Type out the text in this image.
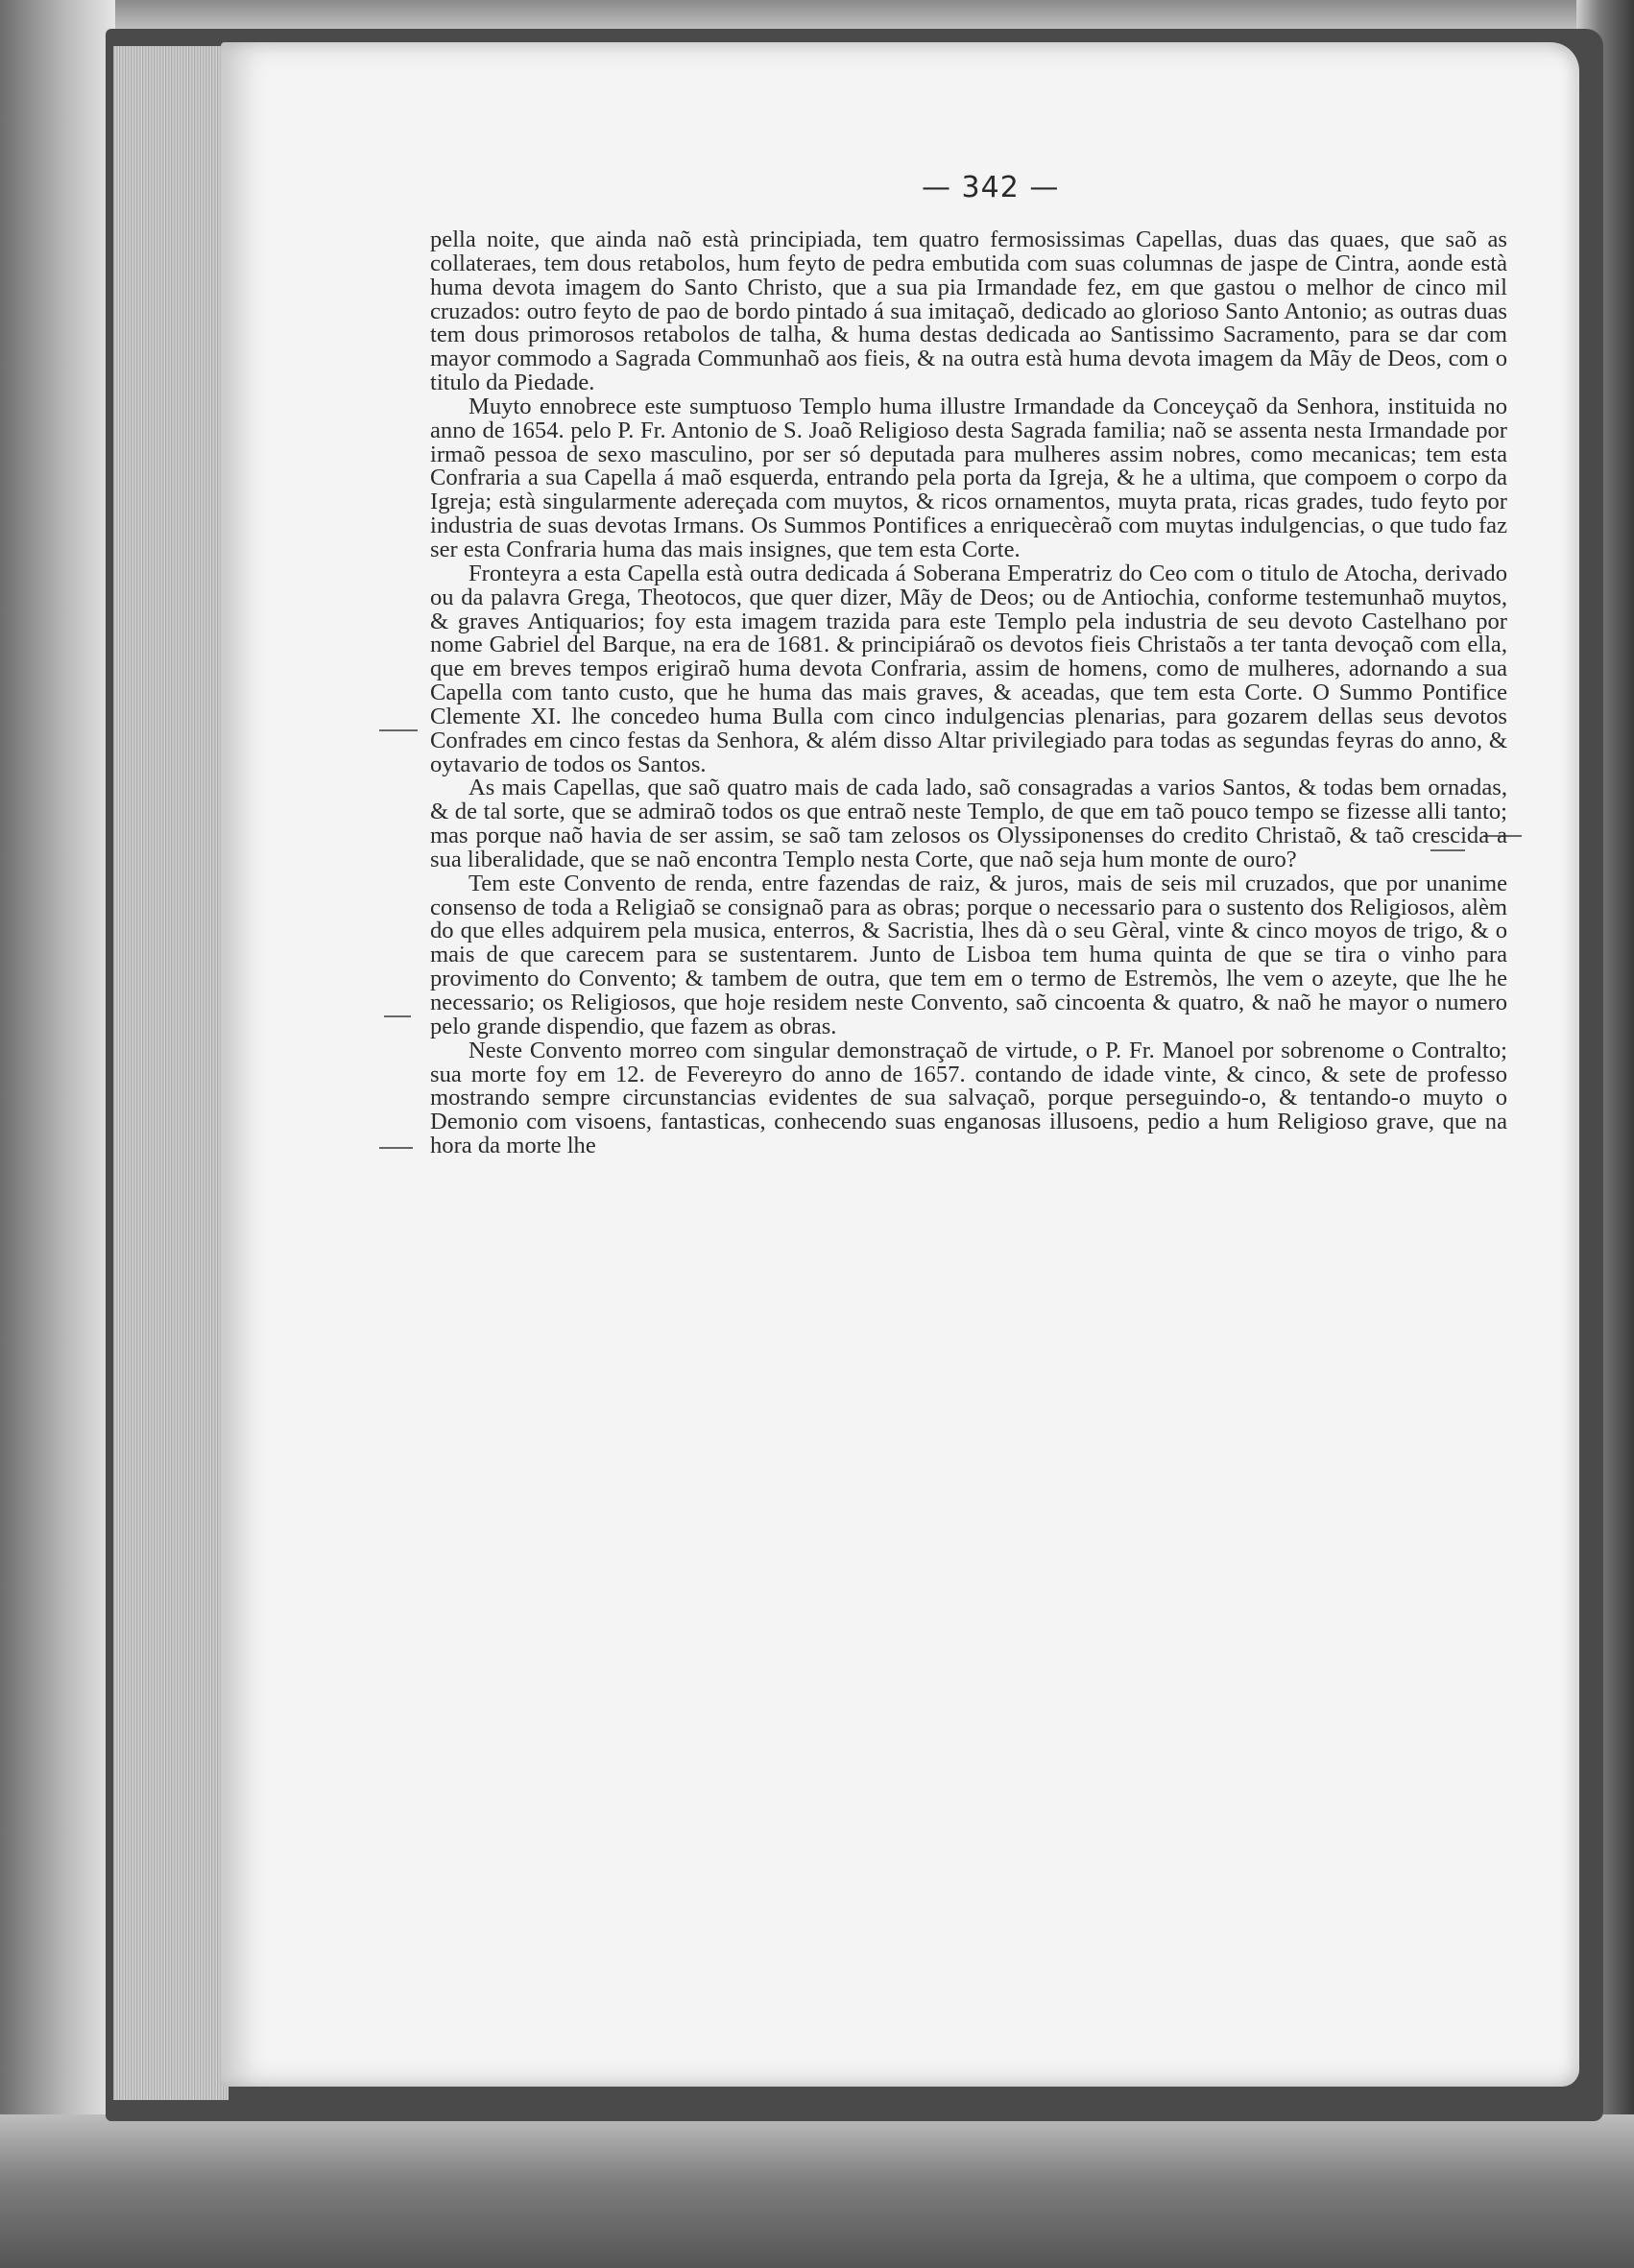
— 342 —

pella noite, que ainda naõ està principiada, tem quatro fermosissimas Capellas, duas das quaes, que saõ as collateraes, tem dous retabolos, hum feyto de pedra embutida com suas columnas de jaspe de Cintra, aonde està huma devota imagem do Santo Christo, que a sua pia Irmandade fez, em que gastou o melhor de cinco mil cruzados: outro feyto de pao de bordo pintado á sua imitaçaõ, dedicado ao glorioso Santo Antonio; as outras duas tem dous primorosos retabolos de talha, & huma destas dedicada ao Santissimo Sacramento, para se dar com mayor commodo a Sagrada Communhaõ aos fieis, & na outra està huma devota imagem da Mãy de Deos, com o titulo da Piedade.

Muyto ennobrece este sumptuoso Templo huma illustre Irmandade da Conceyçaõ da Senhora, instituida no anno de 1654. pelo P. Fr. Antonio de S. Joaõ Religioso desta Sagrada familia; naõ se assenta nesta Irmandade por irmaõ pessoa de sexo masculino, por ser só deputada para mulheres assim nobres, como mecanicas; tem esta Confraria a sua Capella á maõ esquerda, entrando pela porta da Igreja, & he a ultima, que compoem o corpo da Igreja; està singularmente adereçada com muytos, & ricos ornamentos, muyta prata, ricas grades, tudo feyto por industria de suas devotas Irmans. Os Summos Pontifices a enriquecèraõ com muytas indulgencias, o que tudo faz ser esta Confraria huma das mais insignes, que tem esta Corte.

Fronteyra a esta Capella està outra dedicada á Soberana Emperatriz do Ceo com o titulo de Atocha, derivado ou da palavra Grega, Theotocos, que quer dizer, Mãy de Deos; ou de Antiochia, conforme testemunhaõ muytos, & graves Antiquarios; foy esta imagem trazida para este Templo pela industria de seu devoto Castelhano por nome Gabriel del Barque, na era de 1681. & principiáraõ os devotos fieis Christaõs a ter tanta devoçaõ com ella, que em breves tempos erigiraõ huma devota Confraria, assim de homens, como de mulheres, adornando a sua Capella com tanto custo, que he huma das mais graves, & aceadas, que tem esta Corte. O Summo Pontifice Clemente XI. lhe concedeo huma Bulla com cinco indulgencias plenarias, para gozarem dellas seus devotos Confrades em cinco festas da Senhora, & além disso Altar privilegiado para todas as segundas feyras do anno, & oytavario de todos os Santos.

As mais Capellas, que saõ quatro mais de cada lado, saõ consagradas a varios Santos, & todas bem ornadas, & de tal sorte, que se admiraõ todos os que entraõ neste Templo, de que em taõ pouco tempo se fizesse alli tanto; mas porque naõ havia de ser assim, se saõ tam zelosos os Olyssiponenses do credito Christaõ, & taõ crescida a sua liberalidade, que se naõ encontra Templo nesta Corte, que naõ seja hum monte de ouro?

Tem este Convento de renda, entre fazendas de raiz, & juros, mais de seis mil cruzados, que por unanime consenso de toda a Religiaõ se consignaõ para as obras; porque o necessario para o sustento dos Religiosos, alèm do que elles adquirem pela musica, enterros, & Sacristia, lhes dà o seu Gèral, vinte & cinco moyos de trigo, & o mais de que carecem para se sustentarem. Junto de Lisboa tem huma quinta de que se tira o vinho para provimento do Convento; & tambem de outra, que tem em o termo de Estremòs, lhe vem o azeyte, que lhe he necessario; os Religiosos, que hoje residem neste Convento, saõ cincoenta & quatro, & naõ he mayor o numero pelo grande dispendio, que fazem as obras.

Neste Convento morreo com singular demonstraçaõ de virtude, o P. Fr. Manoel por sobrenome o Contralto; sua morte foy em 12. de Fevereyro do anno de 1657. contando de idade vinte, & cinco, & sete de professo mostrando sempre circunstancias evidentes de sua salvaçaõ, porque perseguindo-o, & tentando-o muyto o Demonio com visoens, fantasticas, conhecendo suas enganosas illusoens, pedio a hum Religioso grave, que na hora da morte lhe
